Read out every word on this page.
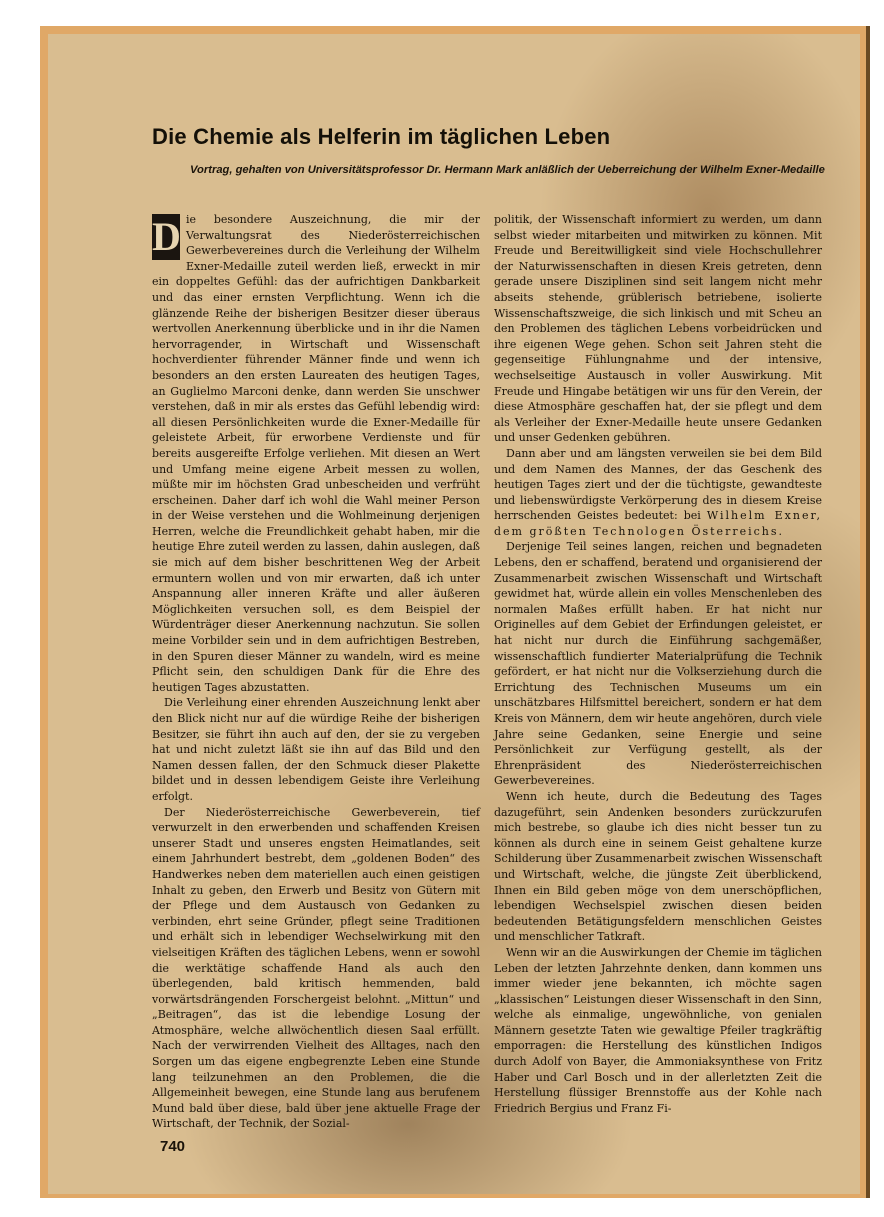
Die Chemie als Helferin im täglichen Leben

Vortrag, gehalten von Universitätsprofessor Dr. Hermann Mark anläßlich der Ueberreichung der Wilhelm Exner-Medaille

D ie besondere Auszeichnung, die mir der Verwaltungsrat des Niederösterreichischen Gewerbevereines durch die Verleihung der Wilhelm Exner-Medaille zuteil werden ließ, erweckt in mir ein doppeltes Gefühl: das der aufrichtigen Dankbarkeit und das einer ernsten Verpflichtung. Wenn ich die glänzende Reihe der bisherigen Besitzer dieser überaus wertvollen Anerkennung überblicke und in ihr die Namen hervorragender, in Wirtschaft und Wissenschaft hochverdienter führender Männer finde und wenn ich besonders an den ersten Laureaten des heutigen Tages, an Guglielmo Marconi denke, dann werden Sie unschwer verstehen, daß in mir als erstes das Gefühl lebendig wird: all diesen Persönlichkeiten wurde die Exner-Medaille für geleistete Arbeit, für erworbene Verdienste und für bereits ausgereifte Erfolge verliehen. Mit diesen an Wert und Umfang meine eigene Arbeit messen zu wollen, müßte mir im höchsten Grad unbescheiden und verfrüht erscheinen. Daher darf ich wohl die Wahl meiner Person in der Weise verstehen und die Wohlmeinung derjenigen Herren, welche die Freundlichkeit gehabt haben, mir die heutige Ehre zuteil werden zu lassen, dahin auslegen, daß sie mich auf dem bisher beschrittenen Weg der Arbeit ermuntern wollen und von mir erwarten, daß ich unter Anspannung aller inneren Kräfte und aller äußeren Möglichkeiten versuchen soll, es dem Beispiel der Würdenträger dieser Anerkennung nachzutun. Sie sollen meine Vorbilder sein und in dem aufrichtigen Bestreben, in den Spuren dieser Männer zu wandeln, wird es meine Pflicht sein, den schuldigen Dank für die Ehre des heutigen Tages abzustatten.

Die Verleihung einer ehrenden Auszeichnung lenkt aber den Blick nicht nur auf die würdige Reihe der bisherigen Besitzer, sie führt ihn auch auf den, der sie zu vergeben hat und nicht zuletzt läßt sie ihn auf das Bild und den Namen dessen fallen, der den Schmuck dieser Plakette bildet und in dessen lebendigem Geiste ihre Verleihung erfolgt.

Der Niederösterreichische Gewerbeverein, tief verwurzelt in den erwerbenden und schaffenden Kreisen unserer Stadt und unseres engsten Heimatlandes, seit einem Jahrhundert bestrebt, dem „goldenen Boden“ des Handwerkes neben dem materiellen auch einen geistigen Inhalt zu geben, den Erwerb und Besitz von Gütern mit der Pflege und dem Austausch von Gedanken zu verbinden, ehrt seine Gründer, pflegt seine Traditionen und erhält sich in lebendiger Wechselwirkung mit den vielseitigen Kräften des täglichen Lebens, wenn er sowohl die werktätige schaffende Hand als auch den überlegenden, bald kritisch hemmenden, bald vorwärtsdrängenden Forschergeist belohnt. „Mittun“ und „Beitragen“, das ist die lebendige Losung der Atmosphäre, welche allwöchentlich diesen Saal erfüllt. Nach der verwirrenden Vielheit des Alltages, nach den Sorgen um das eigene engbegrenzte Leben eine Stunde lang teilzunehmen an den Problemen, die die Allgemeinheit bewegen, eine Stunde lang aus berufenem Mund bald über diese, bald über jene aktuelle Frage der Wirtschaft, der Technik, der Sozial-

politik, der Wissenschaft informiert zu werden, um dann selbst wieder mitarbeiten und mitwirken zu können. Mit Freude und Bereitwilligkeit sind viele Hochschullehrer der Naturwissenschaften in diesen Kreis getreten, denn gerade unsere Disziplinen sind seit langem nicht mehr abseits stehende, grüblerisch betriebene, isolierte Wissenschaftszweige, die sich linkisch und mit Scheu an den Problemen des täglichen Lebens vorbeidrücken und ihre eigenen Wege gehen. Schon seit Jahren steht die gegenseitige Fühlungnahme und der intensive, wechselseitige Austausch in voller Auswirkung. Mit Freude und Hingabe betätigen wir uns für den Verein, der diese Atmosphäre geschaffen hat, der sie pflegt und dem als Verleiher der Exner-Medaille heute unsere Gedanken und unser Gedenken gebühren.

Dann aber und am längsten verweilen sie bei dem Bild und dem Namen des Mannes, der das Geschenk des heutigen Tages ziert und der die tüchtigste, gewandteste und liebenswürdigste Verkörperung des in diesem Kreise herrschenden Geistes bedeutet: bei Wilhelm Exner, dem größten Technologen Österreichs.

Derjenige Teil seines langen, reichen und begnadeten Lebens, den er schaffend, beratend und organisierend der Zusammenarbeit zwischen Wissenschaft und Wirtschaft gewidmet hat, würde allein ein volles Menschenleben des normalen Maßes erfüllt haben. Er hat nicht nur Originelles auf dem Gebiet der Erfindungen geleistet, er hat nicht nur durch die Einführung sachgemäßer, wissenschaftlich fundierter Materialprüfung die Technik gefördert, er hat nicht nur die Volkserziehung durch die Errichtung des Technischen Museums um ein unschätzbares Hilfsmittel bereichert, sondern er hat dem Kreis von Männern, dem wir heute angehören, durch viele Jahre seine Gedanken, seine Energie und seine Persönlichkeit zur Verfügung gestellt, als der Ehrenpräsident des Niederösterreichischen Gewerbevereines.

Wenn ich heute, durch die Bedeutung des Tages dazugeführt, sein Andenken besonders zurückzurufen mich bestrebe, so glaube ich dies nicht besser tun zu können als durch eine in seinem Geist gehaltene kurze Schilderung über Zusammenarbeit zwischen Wissenschaft und Wirtschaft, welche, die jüngste Zeit überblickend, Ihnen ein Bild geben möge von dem unerschöpflichen, lebendigen Wechselspiel zwischen diesen beiden bedeutenden Betätigungsfeldern menschlichen Geistes und menschlicher Tatkraft.

Wenn wir an die Auswirkungen der Chemie im täglichen Leben der letzten Jahrzehnte denken, dann kommen uns immer wieder jene bekannten, ich möchte sagen „klassischen“ Leistungen dieser Wissenschaft in den Sinn, welche als einmalige, ungewöhnliche, von genialen Männern gesetzte Taten wie gewaltige Pfeiler tragkräftig emporragen: die Herstellung des künstlichen Indigos durch Adolf von Bayer, die Ammoniaksynthese von Fritz Haber und Carl Bosch und in der allerletzten Zeit die Herstellung flüssiger Brennstoffe aus der Kohle nach Friedrich Bergius und Franz Fi-

740
